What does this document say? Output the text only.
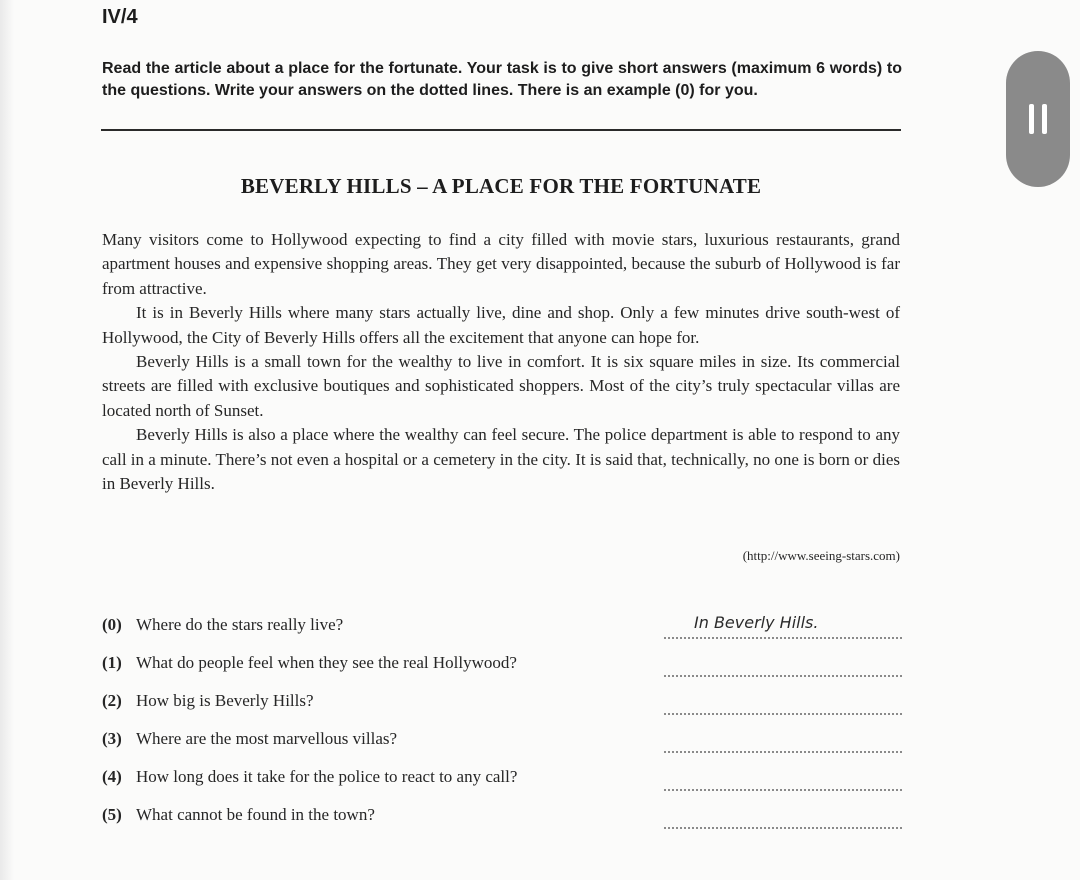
IV/4
Read the article about a place for the fortunate. Your task is to give short answers (maximum 6 words) to the questions. Write your answers on the dotted lines. There is an example (0) for you.
BEVERLY HILLS – A PLACE FOR THE FORTUNATE

Many visitors come to Hollywood expecting to find a city filled with movie stars, luxurious restaurants, grand apartment houses and expensive shopping areas. They get very disappointed, because the suburb of Hollywood is far from attractive.

It is in Beverly Hills where many stars actually live, dine and shop. Only a few minutes drive south-west of Hollywood, the City of Beverly Hills offers all the excitement that anyone can hope for.

Beverly Hills is a small town for the wealthy to live in comfort. It is six square miles in size. Its commercial streets are filled with exclusive boutiques and sophisticated shoppers. Most of the city’s truly spectacular villas are located north of Sunset.

Beverly Hills is also a place where the wealthy can feel secure. The police department is able to respond to any call in a minute. There’s not even a hospital or a cemetery in the city. It is said that, technically, no one is born or dies in Beverly Hills.

(http://www.seeing-stars.com)
(0) Where do the stars really live?	In Beverly Hills.
(1) What do people feel when they see the real Hollywood?
(2) How big is Beverly Hills?
(3) Where are the most marvellous villas?
(4) How long does it take for the police to react to any call?
(5) What cannot be found in the town?
